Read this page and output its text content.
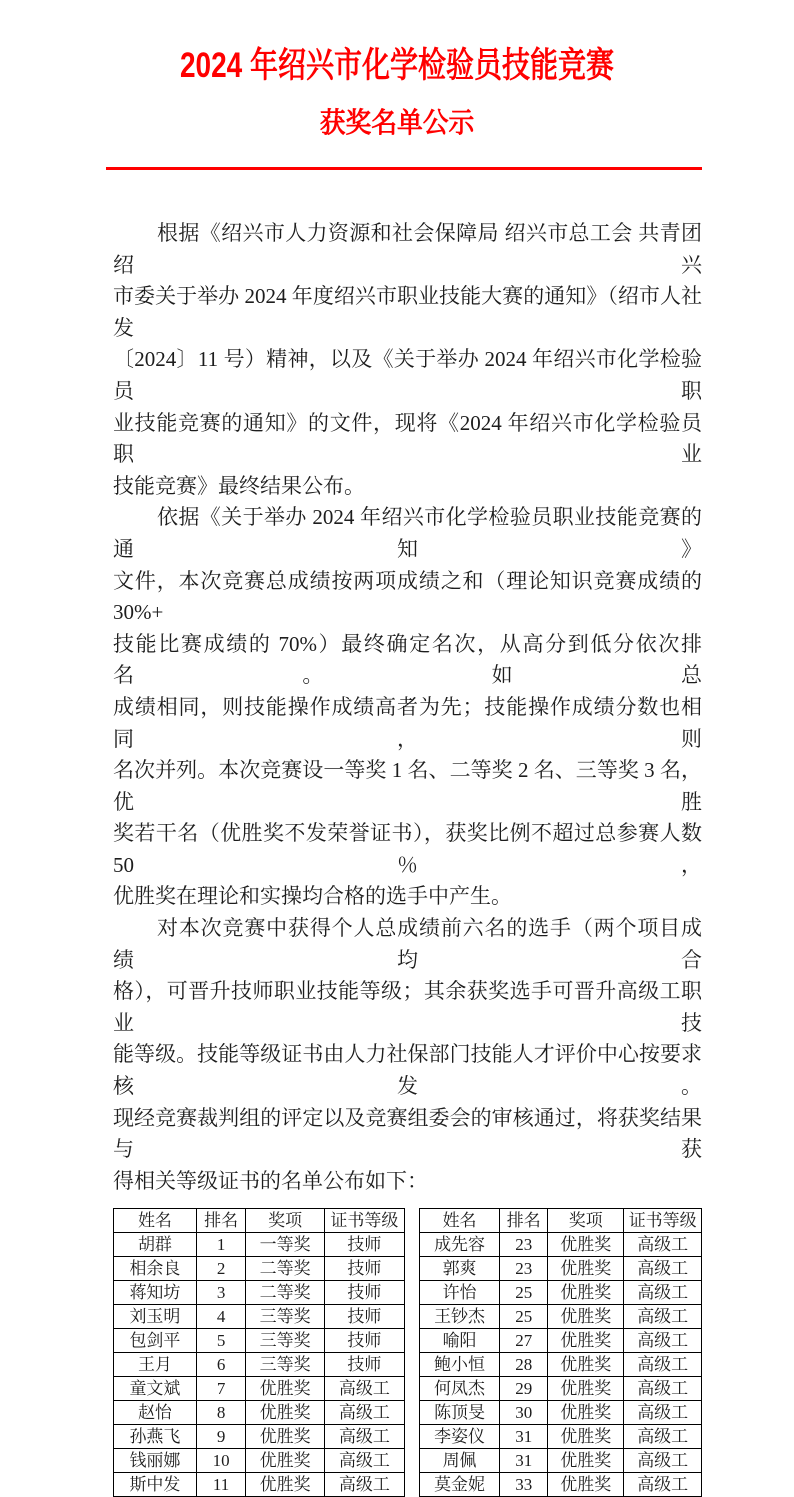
2024 年绍兴市化学检验员技能竞赛
获奖名单公示
根据《绍兴市人力资源和社会保障局 绍兴市总工会 共青团绍兴
市委关于举办 2024 年度绍兴市职业技能大赛的通知》（绍市人社发
〔2024〕11 号）精神，以及《关于举办 2024 年绍兴市化学检验员职
业技能竞赛的通知》的文件，现将《2024 年绍兴市化学检验员职业
技能竞赛》最终结果公布。
依据《关于举办 2024 年绍兴市化学检验员职业技能竞赛的通知》
文件，本次竞赛总成绩按两项成绩之和（理论知识竞赛成绩的 30%+
技能比赛成绩的 70%）最终确定名次，从高分到低分依次排名。如总
成绩相同，则技能操作成绩高者为先；技能操作成绩分数也相同，则
名次并列。本次竞赛设一等奖 1 名、二等奖 2 名、三等奖 3 名，优胜
奖若干名（优胜奖不发荣誉证书），获奖比例不超过总参赛人数 50％，
优胜奖在理论和实操均合格的选手中产生。
对本次竞赛中获得个人总成绩前六名的选手（两个项目成绩均合
格），可晋升技师职业技能等级；其余获奖选手可晋升高级工职业技
能等级。技能等级证书由人力社保部门技能人才评价中心按要求核发。
现经竞赛裁判组的评定以及竞赛组委会的审核通过，将获奖结果与获
得相关等级证书的名单公布如下：
姓名	排名	奖项	证书等级
胡群	1	一等奖	技师
相余良	2	二等奖	技师
蒋知坊	3	二等奖	技师
刘玉明	4	三等奖	技师
包剑平	5	三等奖	技师
王月	6	三等奖	技师
童文斌	7	优胜奖	高级工
赵怡	8	优胜奖	高级工
孙燕飞	9	优胜奖	高级工
钱丽娜	10	优胜奖	高级工
斯中发	11	优胜奖	高级工
姓名	排名	奖项	证书等级
成先容	23	优胜奖	高级工
郭爽	23	优胜奖	高级工
许怡	25	优胜奖	高级工
王钞杰	25	优胜奖	高级工
喻阳	27	优胜奖	高级工
鲍小恒	28	优胜奖	高级工
何凤杰	29	优胜奖	高级工
陈顶旻	30	优胜奖	高级工
李姿仪	31	优胜奖	高级工
周佩	31	优胜奖	高级工
莫金妮	33	优胜奖	高级工
